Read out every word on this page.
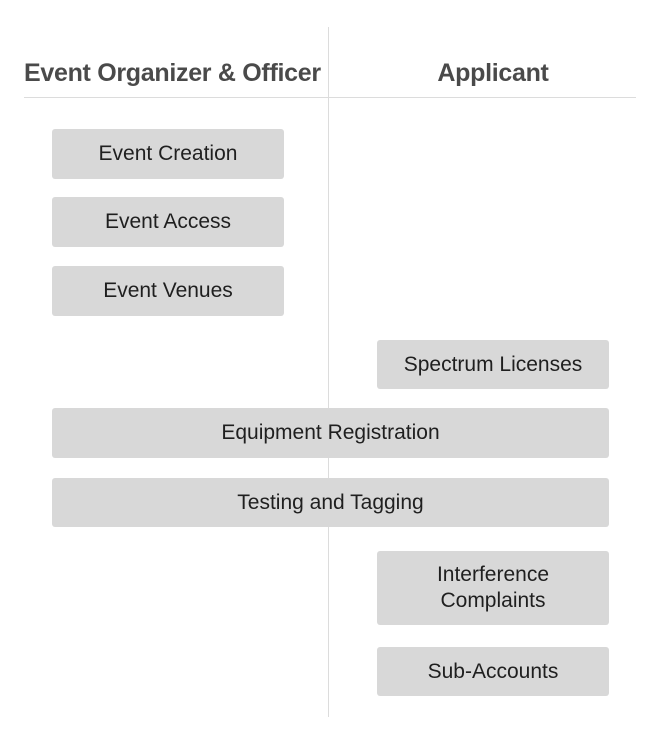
Event Organizer & Officer	Applicant
Event Creation
Event Access
Event Venues
Spectrum Licenses
Equipment Registration
Testing and Tagging
Interference
Complaints
Sub-Accounts
